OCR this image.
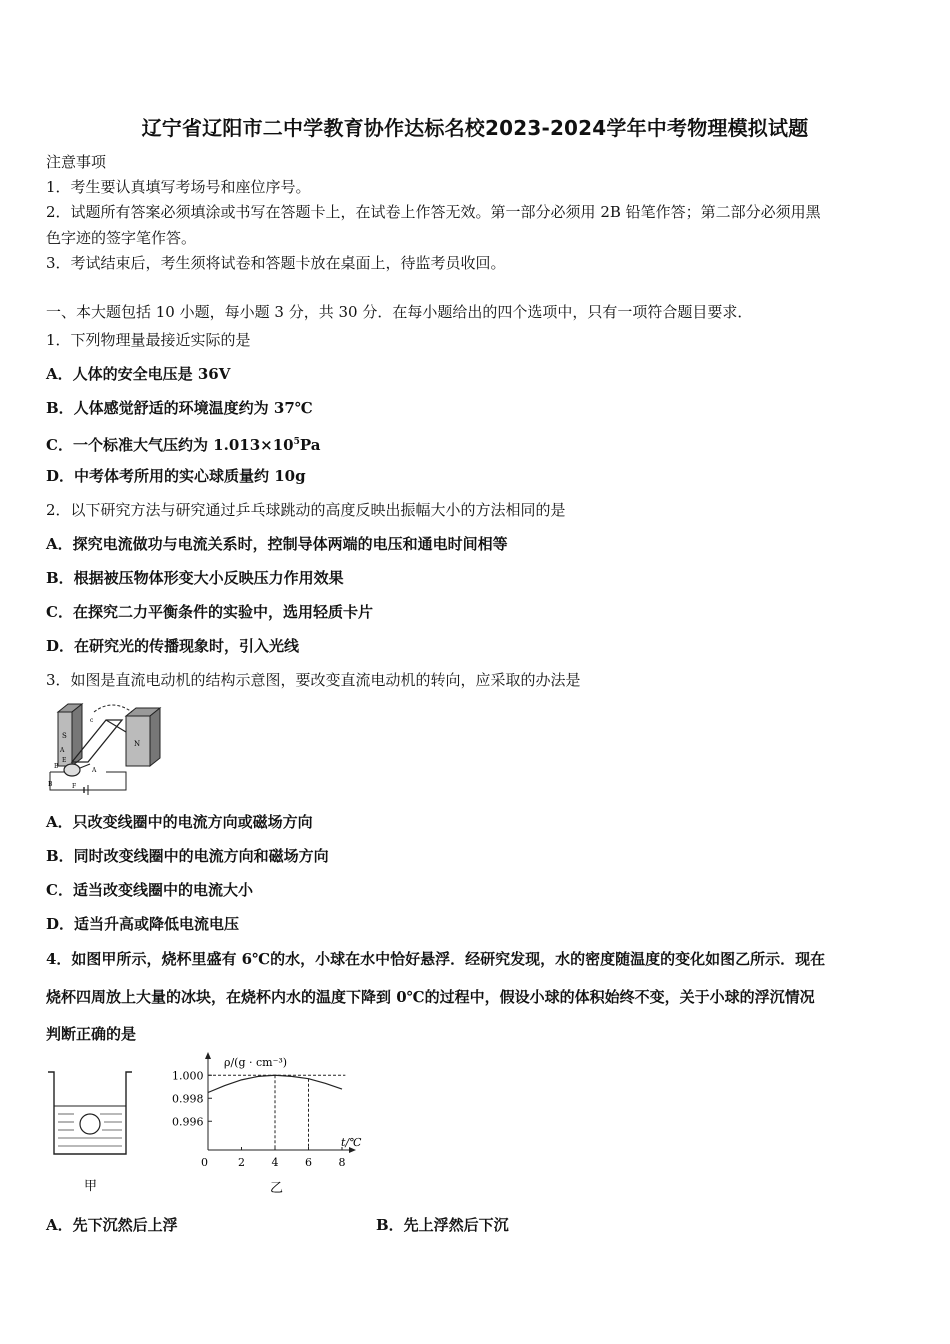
辽宁省辽阳市二中学教育协作达标名校2023-2024学年中考物理模拟试题
注意事项
1．考生要认真填写考场号和座位序号。
2．试题所有答案必须填涂或书写在答题卡上，在试卷上作答无效。第一部分必须用 2B 铅笔作答；第二部分必须用黑
色字迹的签字笔作答。
3．考试结束后，考生须将试卷和答题卡放在桌面上，待监考员收回。
一、本大题包括 10 小题，每小题 3 分，共 30 分．在每小题给出的四个选项中，只有一项符合题目要求．
1．下列物理量最接近实际的是
A．人体的安全电压是 36V
B．人体感觉舒适的环境温度约为 37℃
C．一个标准大气压约为 $1.013\times 10^5Pa$
D．中考体考所用的实心球质量约 10g
2．以下研究方法与研究通过乒乓球跳动的高度反映出振幅大小的方法相同的是
A．探究电流做功与电流关系时，控制导体两端的电压和通电时间相等
B．根据被压物体形变大小反映压力作用效果
C．在探究二力平衡条件的实验中，选用轻质卡片
D．在研究光的传播现象时，引入光线
3．如图是直流电动机的结构示意图，要改变直流电动机的转向，应采取的办法是
S
N
c
A
B
E
F
A
B
A．只改变线圈中的电流方向或磁场方向
B．同时改变线圈中的电流方向和磁场方向
C．适当改变线圈中的电流大小
D．适当升高或降低电流电压
4．如图甲所示，烧杯里盛有 6℃的水，小球在水中恰好悬浮．经研究发现，水的密度随温度的变化如图乙所示．现在
烧杯四周放上大量的冰块，在烧杯内水的温度下降到 0℃的过程中，假设小球的体积始终不变，关于小球的浮沉情况
判断正确的是
甲
ρ/(g · cm⁻³)
t/℃
0	2 4 6 8
1.000
0.998
0.996
乙
A．先下沉然后上浮	B．先上浮然后下沉
